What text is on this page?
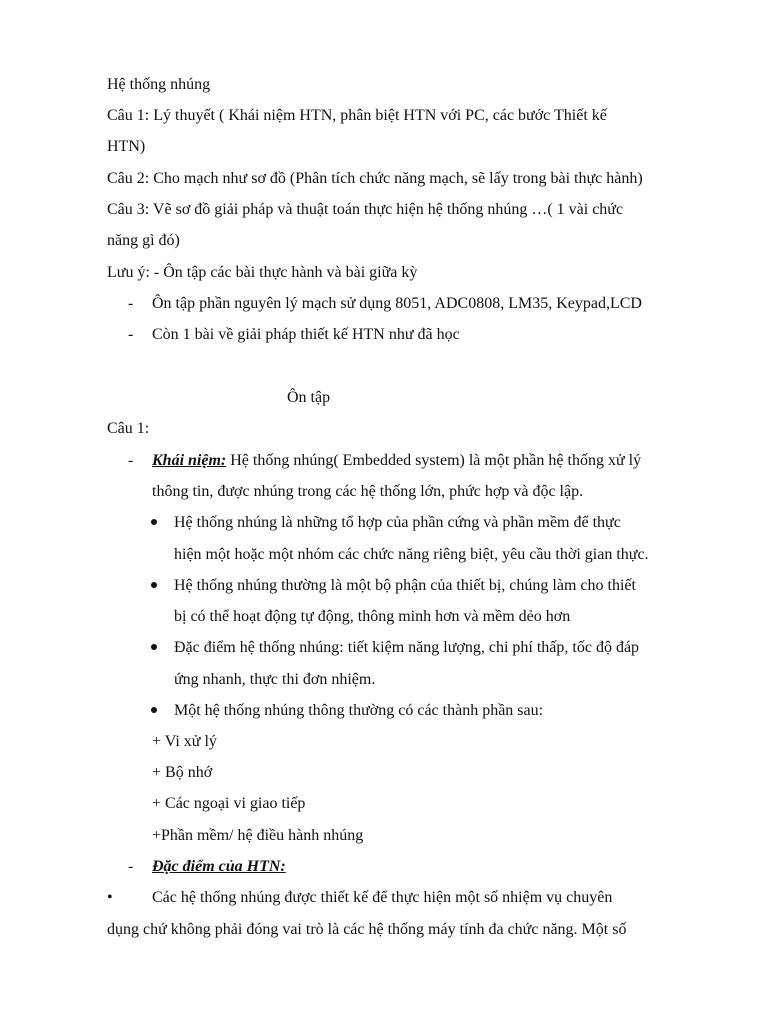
Hệ thống nhúng
Câu 1: Lý thuyết ( Khái niệm HTN, phân biệt HTN với PC, các bước Thiết kế
HTN)
Câu 2: Cho mạch như sơ đồ (Phân tích chức năng mạch, sẽ lấy trong bài thực hành)
Câu 3: Vẽ sơ đồ giải pháp và thuật toán thực hiện hệ thống nhúng …( 1 vài chức
năng gì đó)
Lưu ý: - Ôn tập các bài thực hành và bài giữa kỳ
- Ôn tập phần nguyên lý mạch sử dụng 8051, ADC0808, LM35, Keypad,LCD
- Còn 1 bài về giải pháp thiết kế HTN như đã học
Ôn tập
Câu 1:
- Khái niệm: Hệ thống nhúng( Embedded system) là một phần hệ thống xử lý
thông tin, được nhúng trong các hệ thống lớn, phức hợp và độc lập.
Hệ thống nhúng là những tổ hợp của phần cứng và phần mềm để thực
hiện một hoặc một nhóm các chức năng riêng biệt, yêu cầu thời gian thực.
Hệ thống nhúng thường là một bộ phận của thiết bị, chúng làm cho thiết
bị có thể hoạt động tự động, thông minh hơn và mềm dẻo hơn
Đặc điểm hệ thống nhúng: tiết kiệm năng lượng, chi phí thấp, tốc độ đáp
ứng nhanh, thực thi đơn nhiệm.
Một hệ thống nhúng thông thường có các thành phần sau:
+ Vi xử lý
+ Bộ nhớ
+ Các ngoại vi giao tiếp
+Phần mềm/ hệ điều hành nhúng
- Đặc điểm của HTN:
• Các hệ thống nhúng được thiết kế để thực hiện một số nhiệm vụ chuyên
dụng chứ không phải đóng vai trò là các hệ thống máy tính đa chức năng. Một số
